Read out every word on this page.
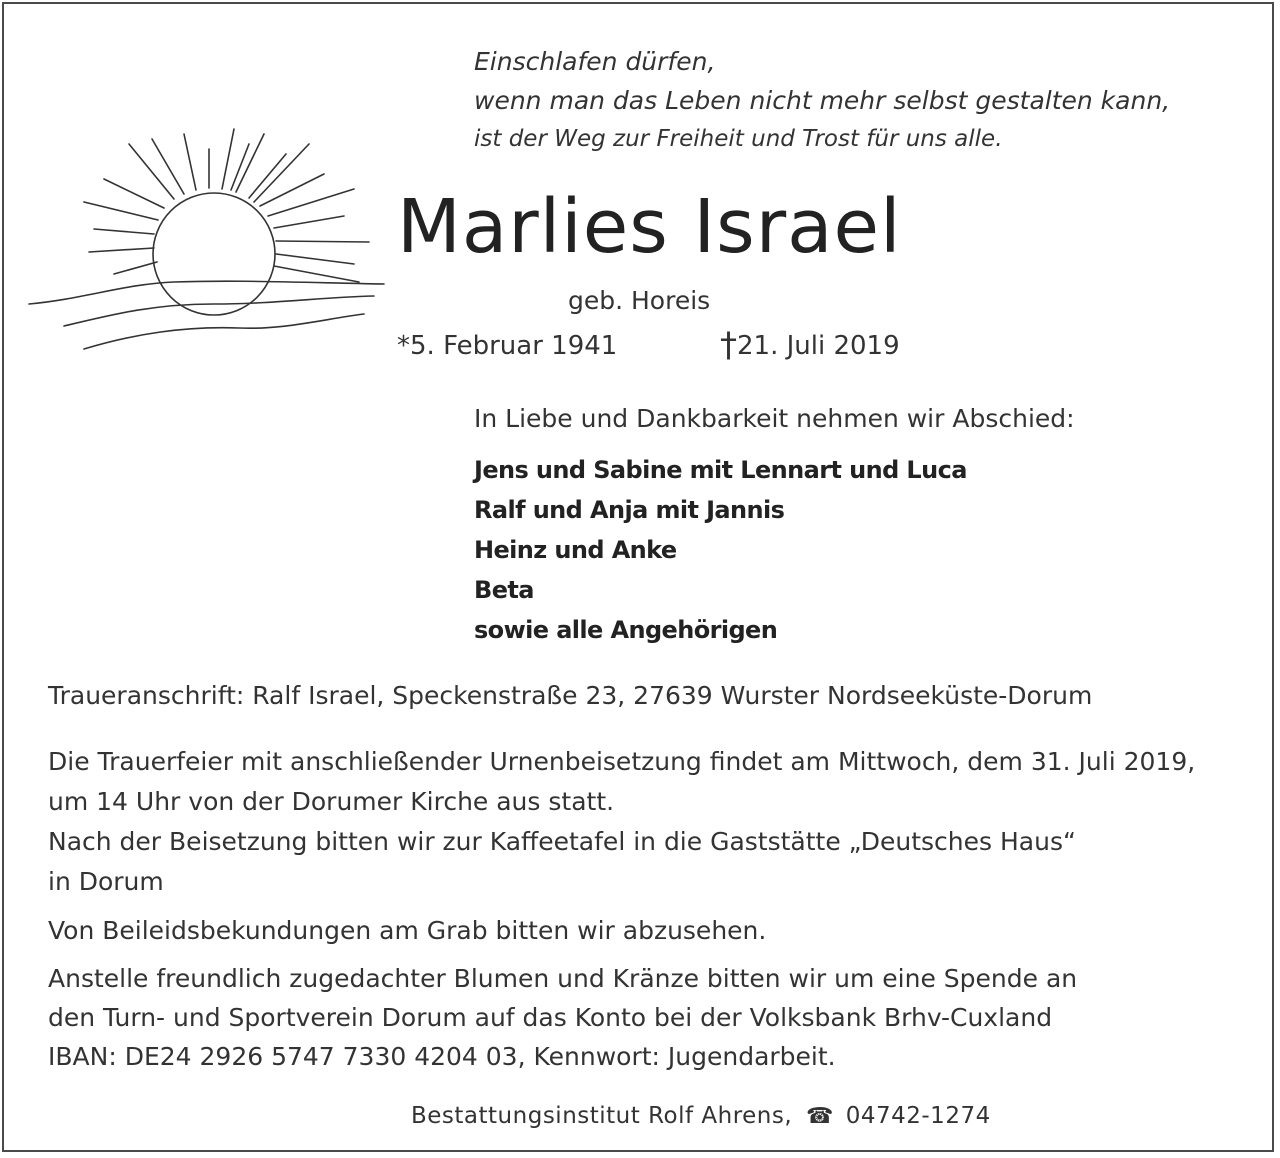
Einschlafen dürfen,
wenn man das Leben nicht mehr selbst gestalten kann,
ist der Weg zur Freiheit und Trost für uns alle.
Marlies Israel
geb. Horeis
*5. Februar 1941	†21. Juli 2019
In Liebe und Dankbarkeit nehmen wir Abschied:
Jens und Sabine mit Lennart und Luca
Ralf und Anja mit Jannis
Heinz und Anke
Beta
sowie alle Angehörigen
Traueranschrift: Ralf Israel, Speckenstraße 23, 27639 Wurster Nordseeküste-Dorum
Die Trauerfeier mit anschließender Urnenbeisetzung findet am Mittwoch, dem 31. Juli 2019,
um 14 Uhr von der Dorumer Kirche aus statt.
Nach der Beisetzung bitten wir zur Kaffeetafel in die Gaststätte „Deutsches Haus“
in Dorum
Von Beileidsbekundungen am Grab bitten wir abzusehen.
Anstelle freundlich zugedachter Blumen und Kränze bitten wir um eine Spende an
den Turn- und Sportverein Dorum auf das Konto bei der Volksbank Brhv-Cuxland
IBAN: DE24 2926 5747 7330 4204 03, Kennwort: Jugendarbeit.
Bestattungsinstitut Rolf Ahrens, ☎ 04742-1274
